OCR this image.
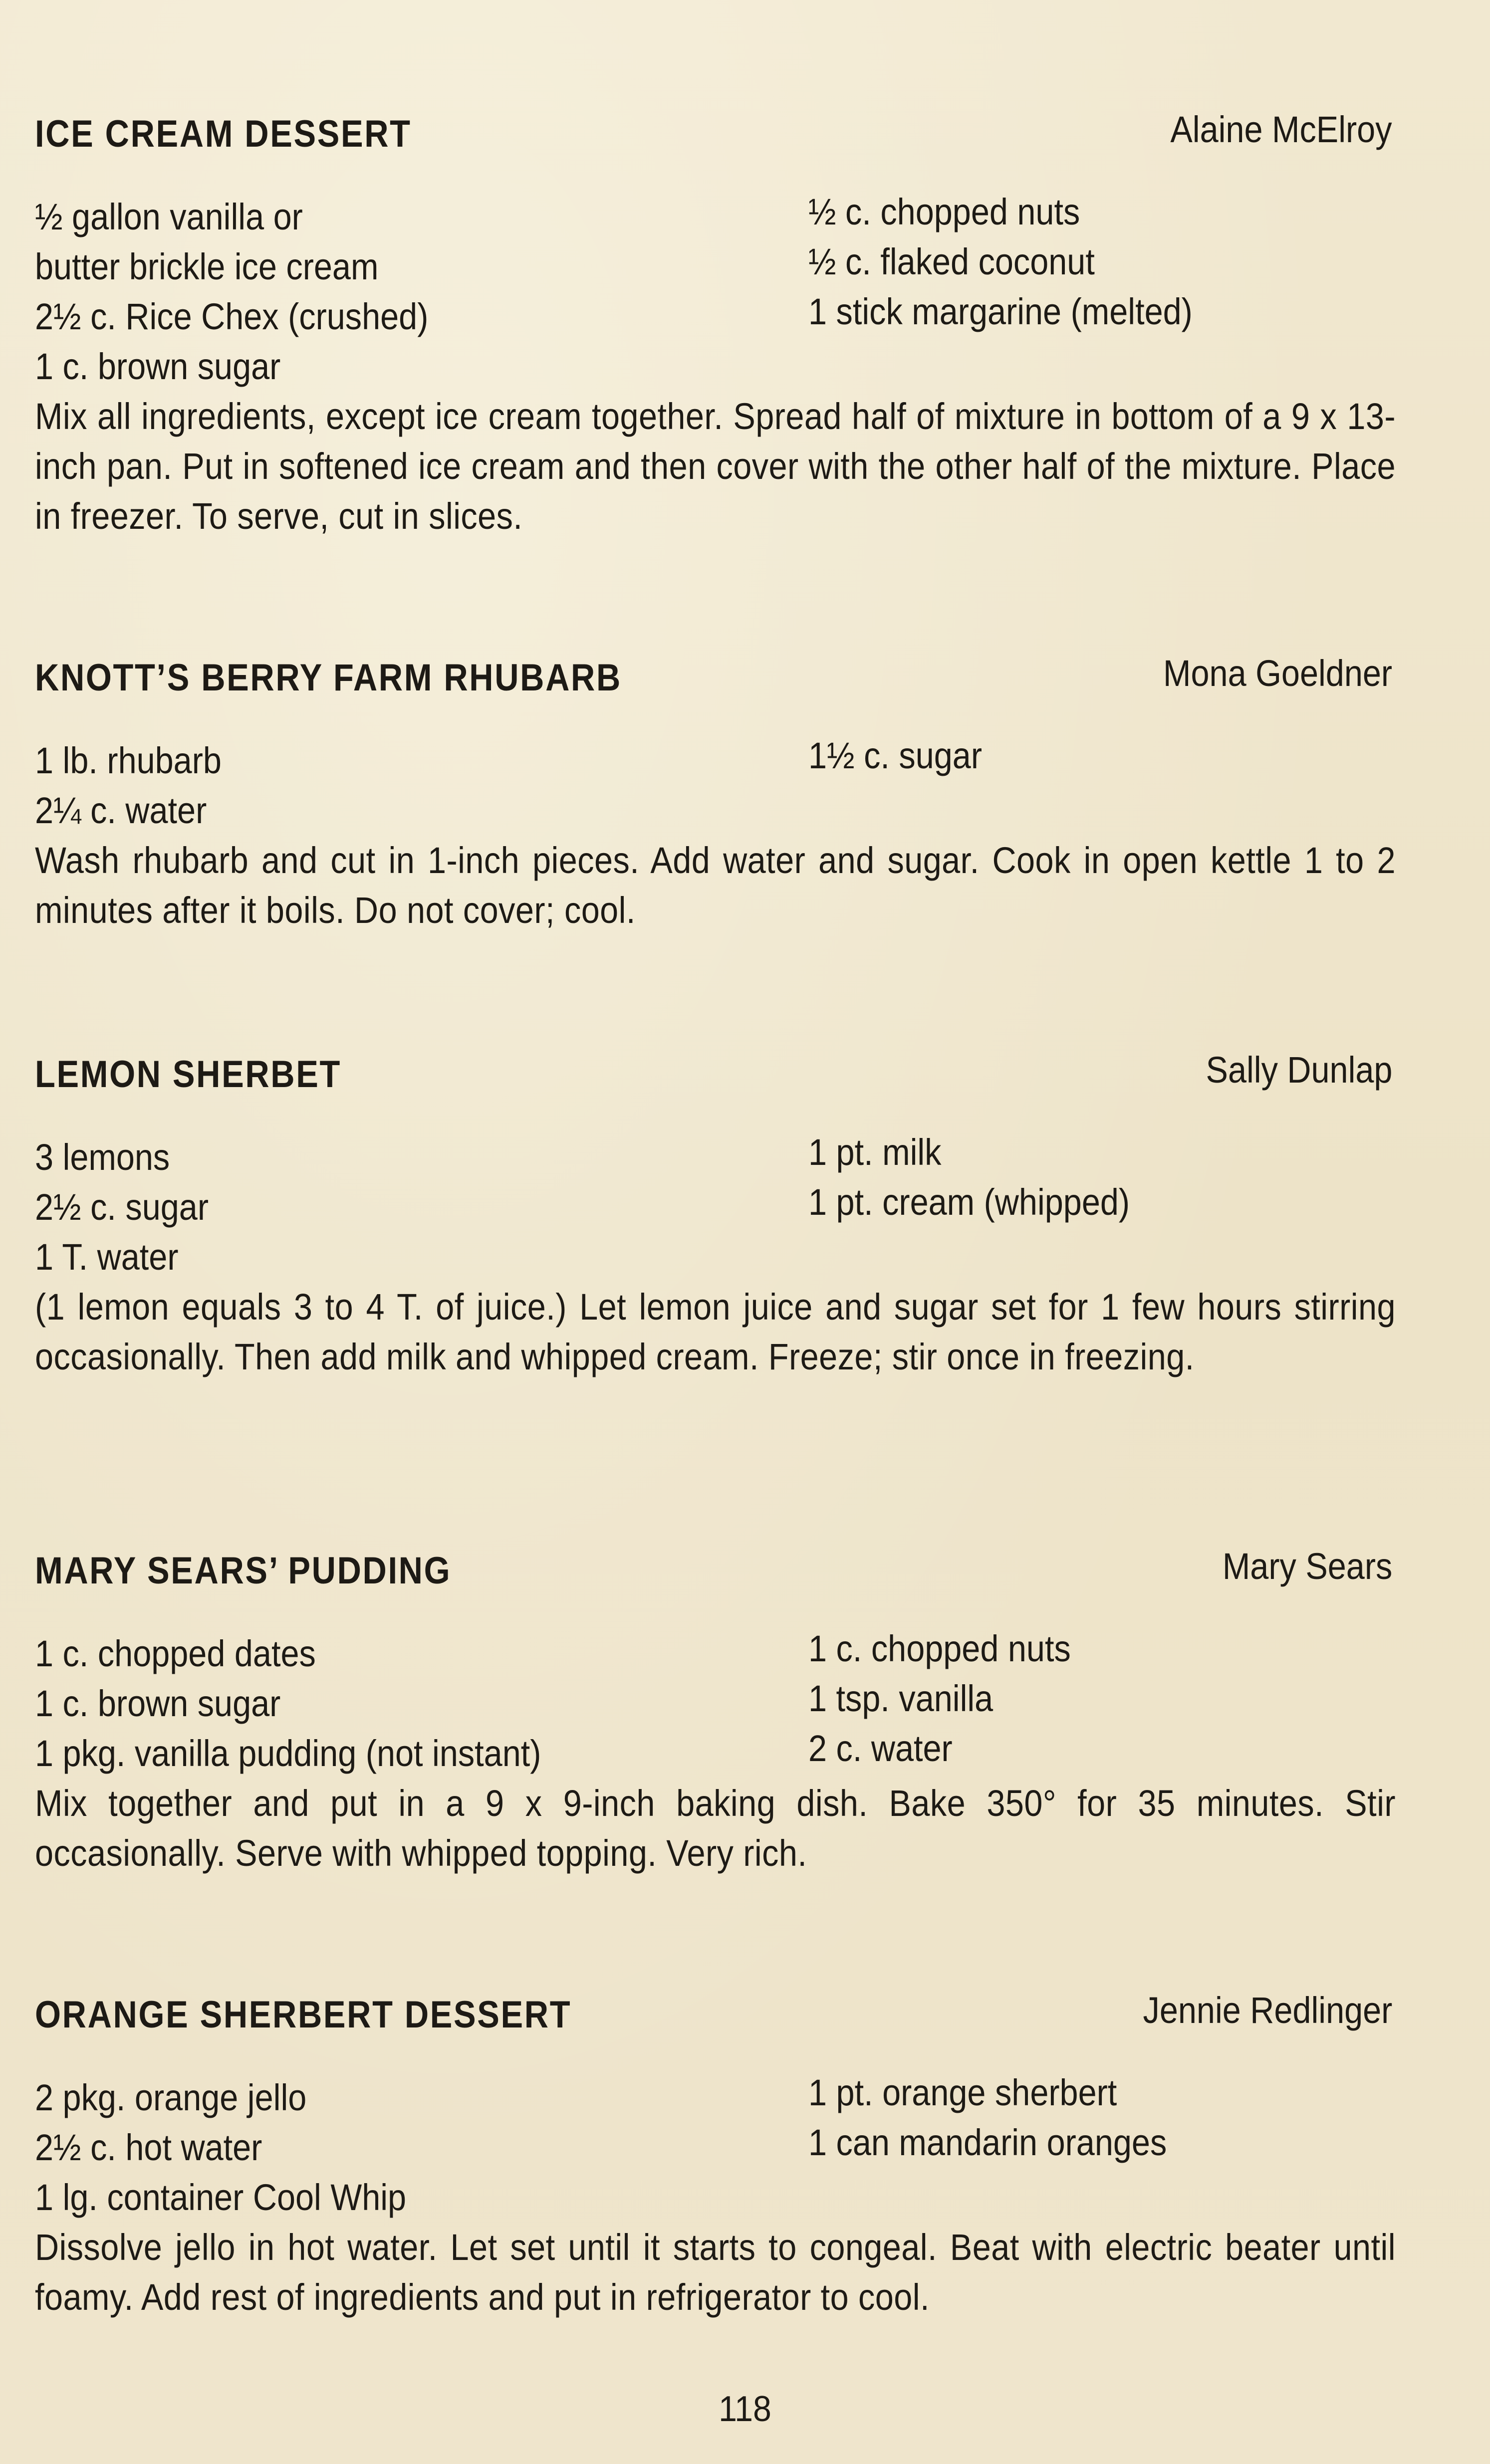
ICE CREAM DESSERT	Alaine McElroy
½ gallon vanilla or
butter brickle ice cream
2½ c. Rice Chex (crushed)
1 c. brown sugar
½ c. chopped nuts
½ c. flaked coconut
1 stick margarine (melted)
Mix all ingredients, except ice cream together. Spread half of mixture in bottom of a 9 x 13-inch pan. Put in softened ice cream and then cover with the other half of the mixture. Place in freezer. To serve, cut in slices.
KNOTT’S BERRY FARM RHUBARB	Mona Goeldner
1 lb. rhubarb
2¼ c. water
1½ c. sugar
Wash rhubarb and cut in 1-inch pieces. Add water and sugar. Cook in open kettle 1 to 2 minutes after it boils. Do not cover; cool.
LEMON SHERBET	Sally Dunlap
3 lemons
2½ c. sugar
1 T. water
1 pt. milk
1 pt. cream (whipped)
(1 lemon equals 3 to 4 T. of juice.) Let lemon juice and sugar set for 1 few hours stirring occasionally. Then add milk and whipped cream. Freeze; stir once in freezing.
MARY SEARS’ PUDDING	Mary Sears
1 c. chopped dates
1 c. brown sugar
1 pkg. vanilla pudding (not instant)
1 c. chopped nuts
1 tsp. vanilla
2 c. water
Mix together and put in a 9 x 9-inch baking dish. Bake 350° for 35 minutes. Stir occasionally. Serve with whipped topping. Very rich.
ORANGE SHERBERT DESSERT	Jennie Redlinger
2 pkg. orange jello
2½ c. hot water
1 lg. container Cool Whip
1 pt. orange sherbert
1 can mandarin oranges
Dissolve jello in hot water. Let set until it starts to congeal. Beat with electric beater until foamy. Add rest of ingredients and put in refrigerator to cool.
118
